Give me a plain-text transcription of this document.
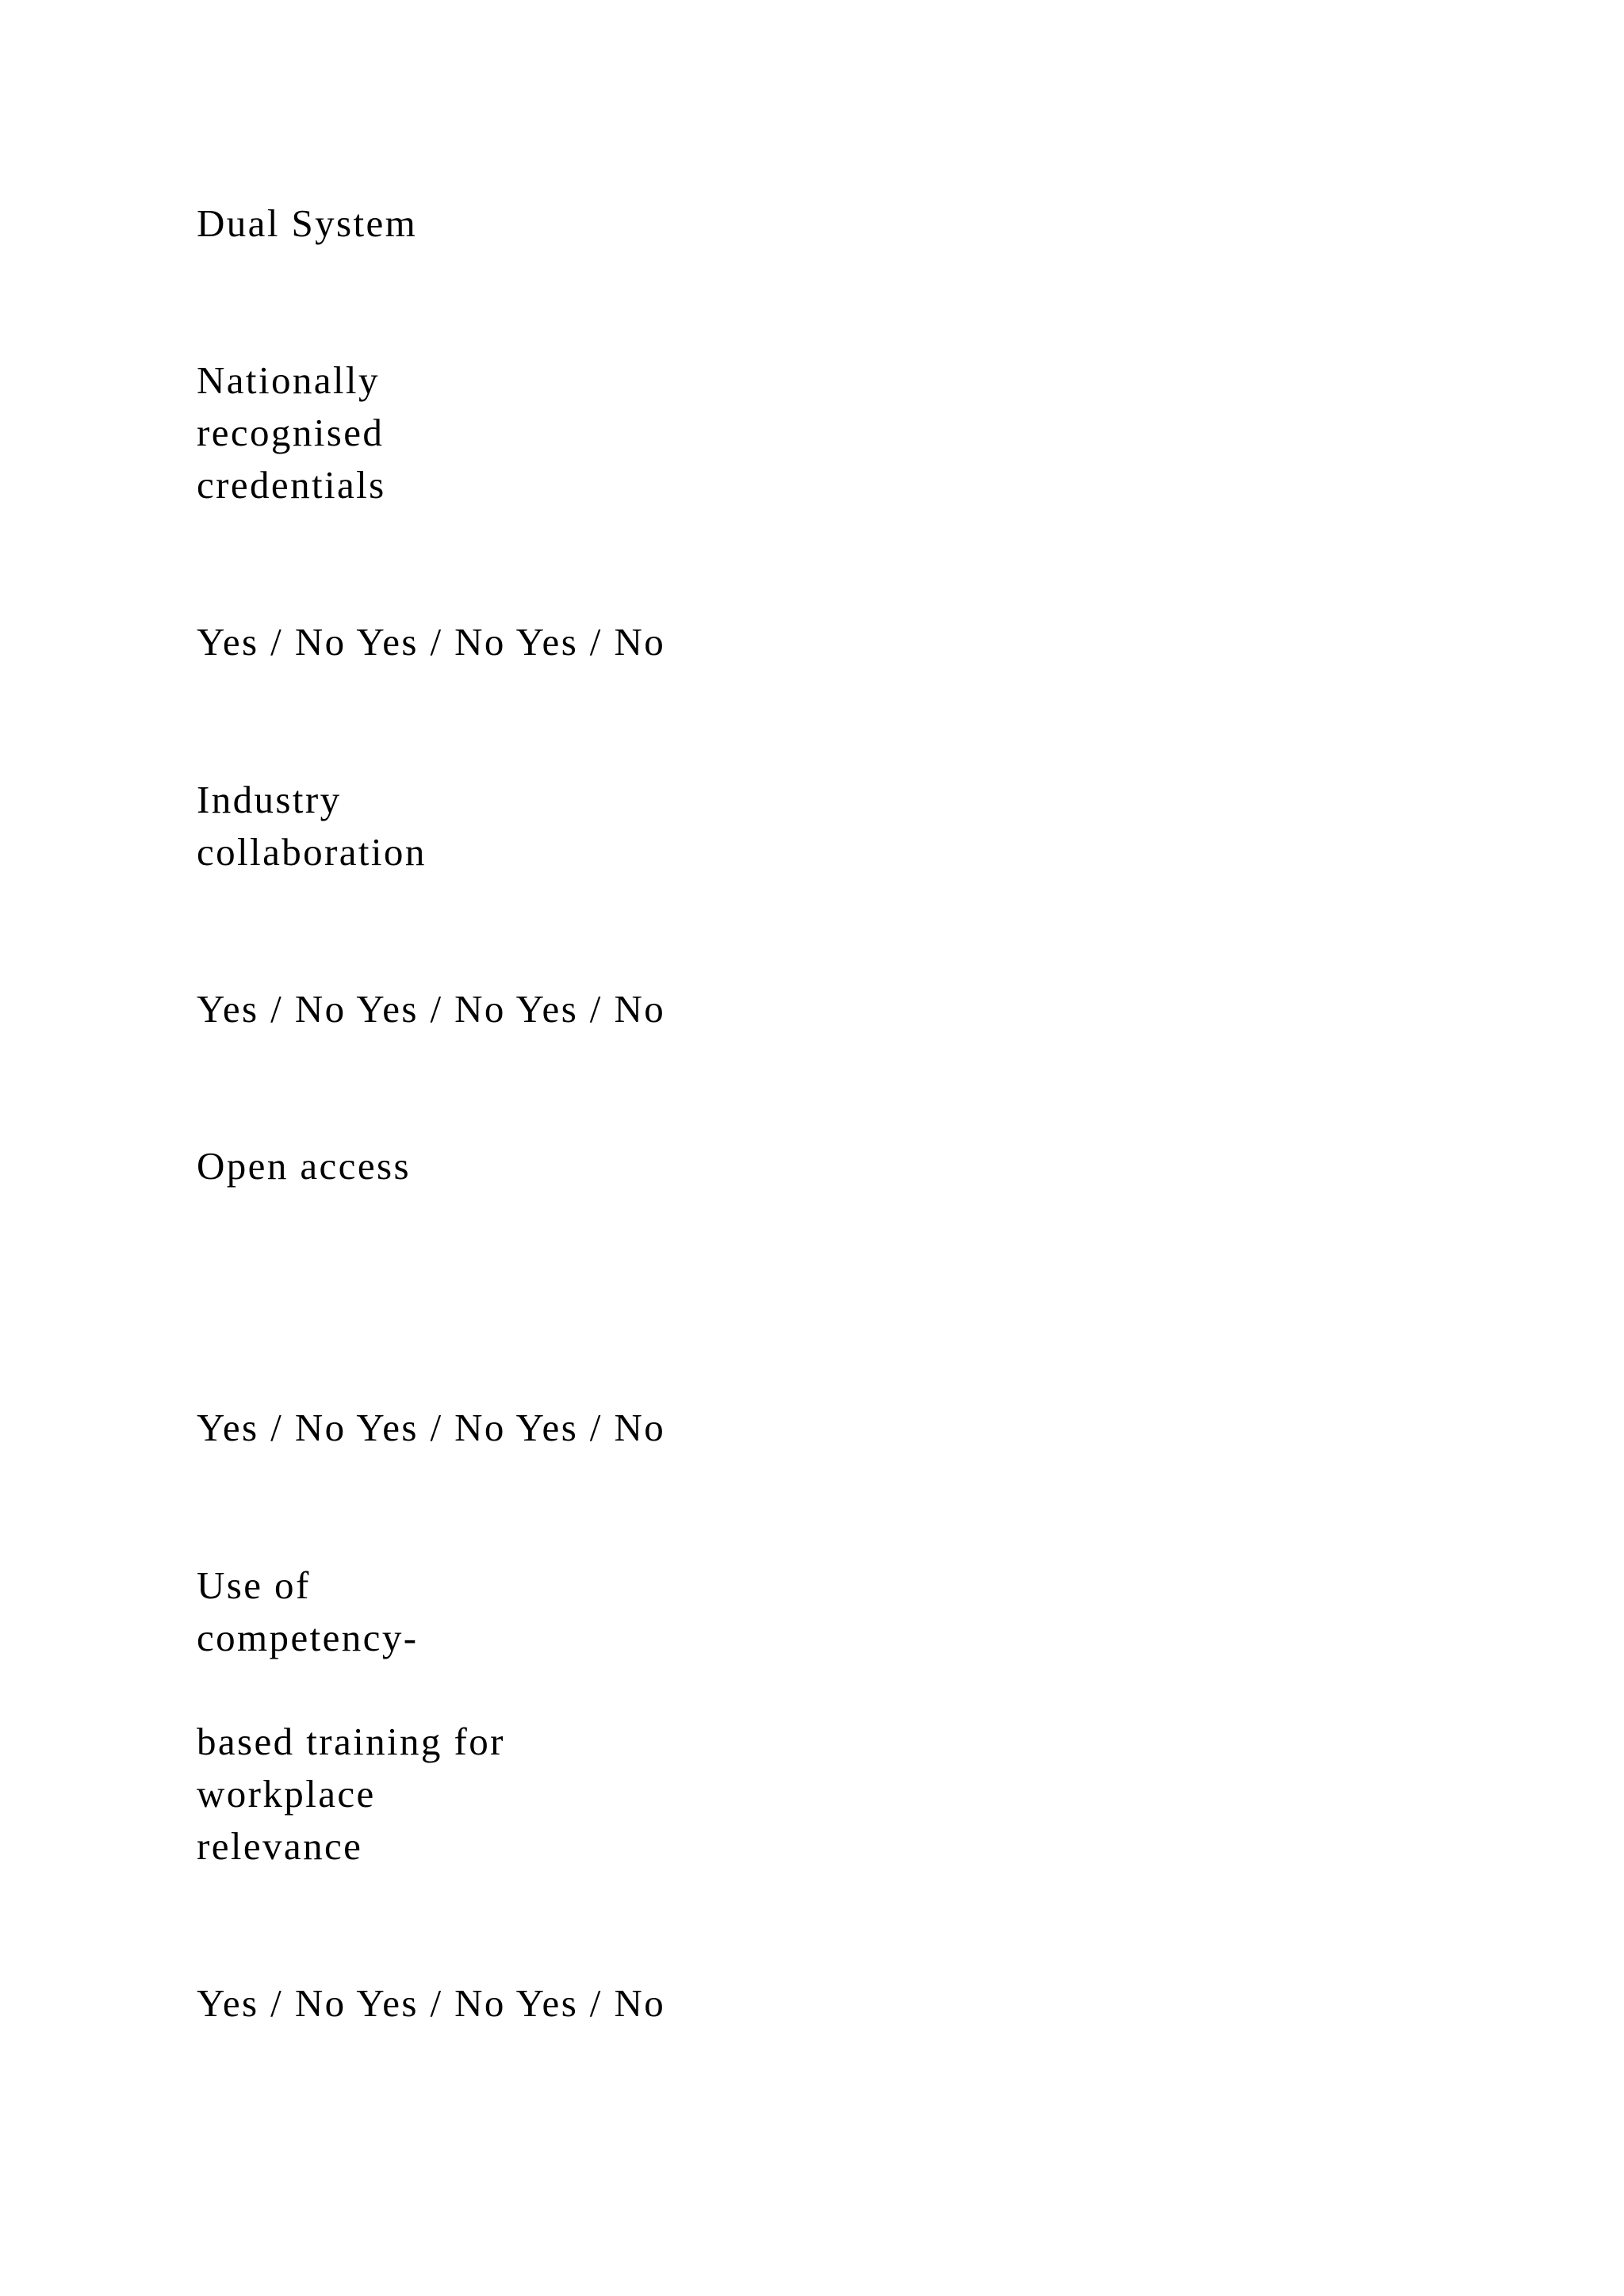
Dual System
Nationally
recognised
credentials
Yes / No Yes / No Yes / No
Industry
collaboration
Yes / No Yes / No Yes / No
Open access
Yes / No Yes / No Yes / No
Use of
competency-
based training for
workplace
relevance
Yes / No Yes / No Yes / No
